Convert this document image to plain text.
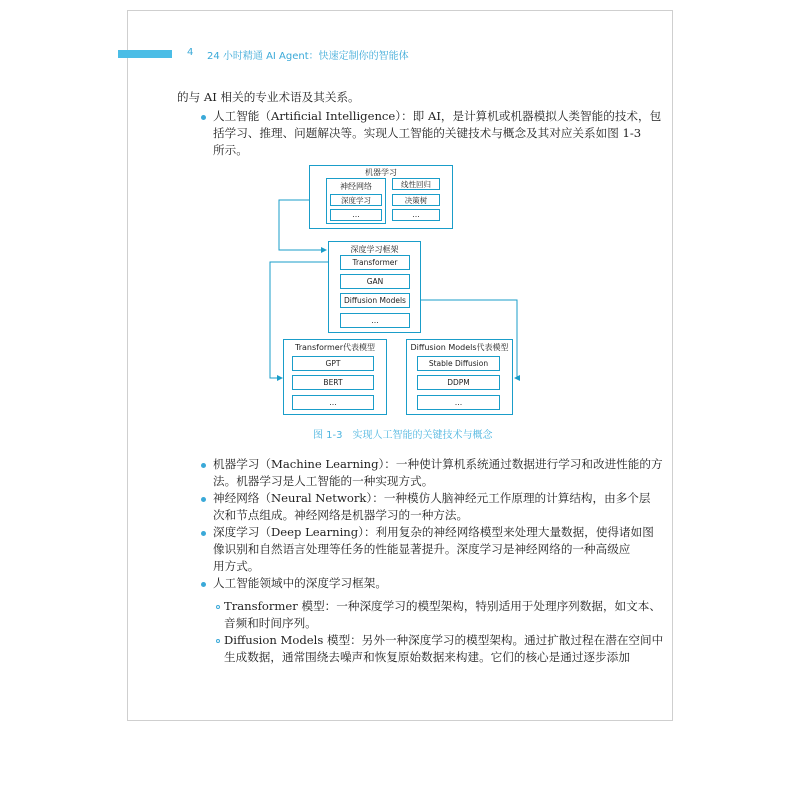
4 24 小时精通 AI Agent：快速定制你的智能体
的与 AI 相关的专业术语及其关系。
人工智能（Artificial Intelligence）：即 AI，是计算机或机器模拟人类智能的技术，包
括学习、推理、问题解决等。实现人工智能的关键技术与概念及其对应关系如图 1-3
所示。
机器学习
神经网络
深度学习
…
线性回归
决策树
…
深度学习框架
Transformer
GAN
Diffusion Models
…
Transformer代表模型
GPT
BERT
…
Diffusion Models代表模型
Stable Diffusion
DDPM
…
图 1-3　实现人工智能的关键技术与概念
机器学习（Machine Learning）：一种使计算机系统通过数据进行学习和改进性能的方
法。机器学习是人工智能的一种实现方式。
神经网络（Neural Network）：一种模仿人脑神经元工作原理的计算结构，由多个层
次和节点组成。神经网络是机器学习的一种方法。
深度学习（Deep Learning）：利用复杂的神经网络模型来处理大量数据，使得诸如图
像识别和自然语言处理等任务的性能显著提升。深度学习是神经网络的一种高级应
用方式。
人工智能领域中的深度学习框架。
Transformer 模型：一种深度学习的模型架构，特别适用于处理序列数据，如文本、
音频和时间序列。
Diffusion Models 模型：另外一种深度学习的模型架构。通过扩散过程在潜在空间中
生成数据，通常围绕去噪声和恢复原始数据来构建。它们的核心是通过逐步添加
